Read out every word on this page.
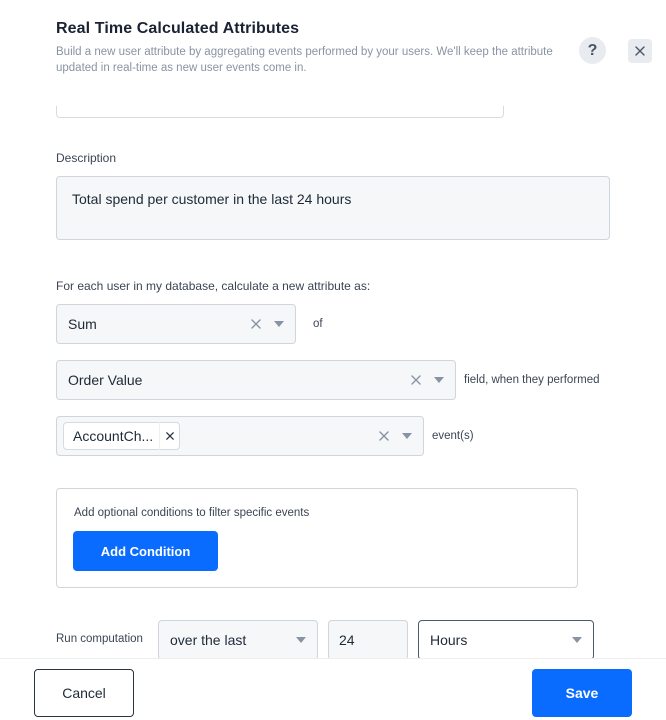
Real Time Calculated Attributes
Build a new user attribute by aggregating events performed by your users. We'll keep the attribute updated in real-time as new user events come in.
?
Description
Total spend per customer in the last 24 hours
For each user in my database, calculate a new attribute as:
Sum	of
Order Value	field, when they performed
AccountCh...	event(s)
Add optional conditions to filter specific events
Add Condition
Run computation over the last	24	Hours
Cancel	Save
